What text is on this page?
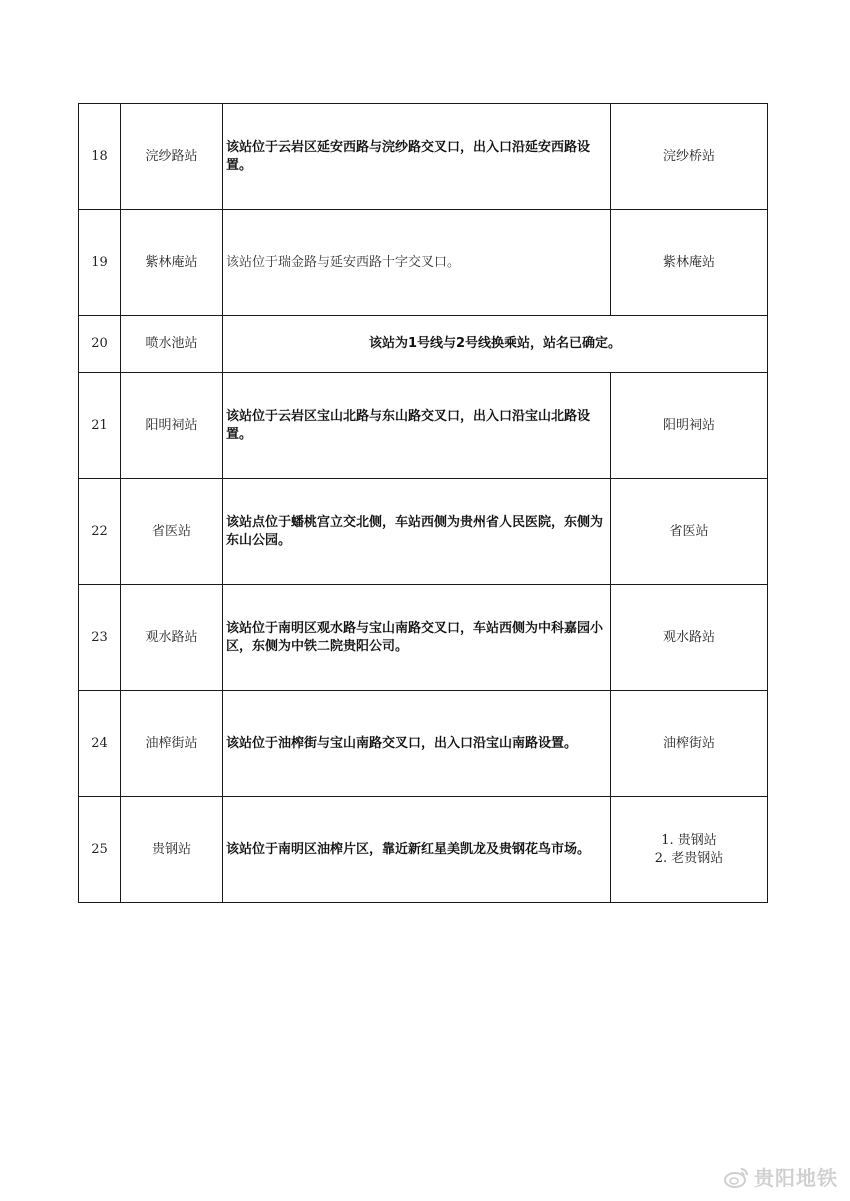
18	浣纱路站	该站位于云岩区延安西路与浣纱路交叉口，出入口沿延安西路设置。	浣纱桥站

19	紫林庵站	该站位于瑞金路与延安西路十字交叉口。	紫林庵站

20	喷水池站	该站为1号线与2号线换乘站，站名已确定。	

21	阳明祠站	该站位于云岩区宝山北路与东山路交叉口，出入口沿宝山北路设置。	阳明祠站

22	省医站	该站点位于蟠桃宫立交北侧，车站西侧为贵州省人民医院，东侧为东山公园。	省医站

23	观水路站	该站位于南明区观水路与宝山南路交叉口，车站西侧为中科嘉园小区，东侧为中铁二院贵阳公司。	观水路站

24	油榨街站	该站位于油榨街与宝山南路交叉口，出入口沿宝山南路设置。	油榨街站

25	贵钢站	该站位于南明区油榨片区，靠近新红星美凯龙及贵钢花鸟市场。	1. 贵钢站
2. 老贵钢站
贵阳地铁
